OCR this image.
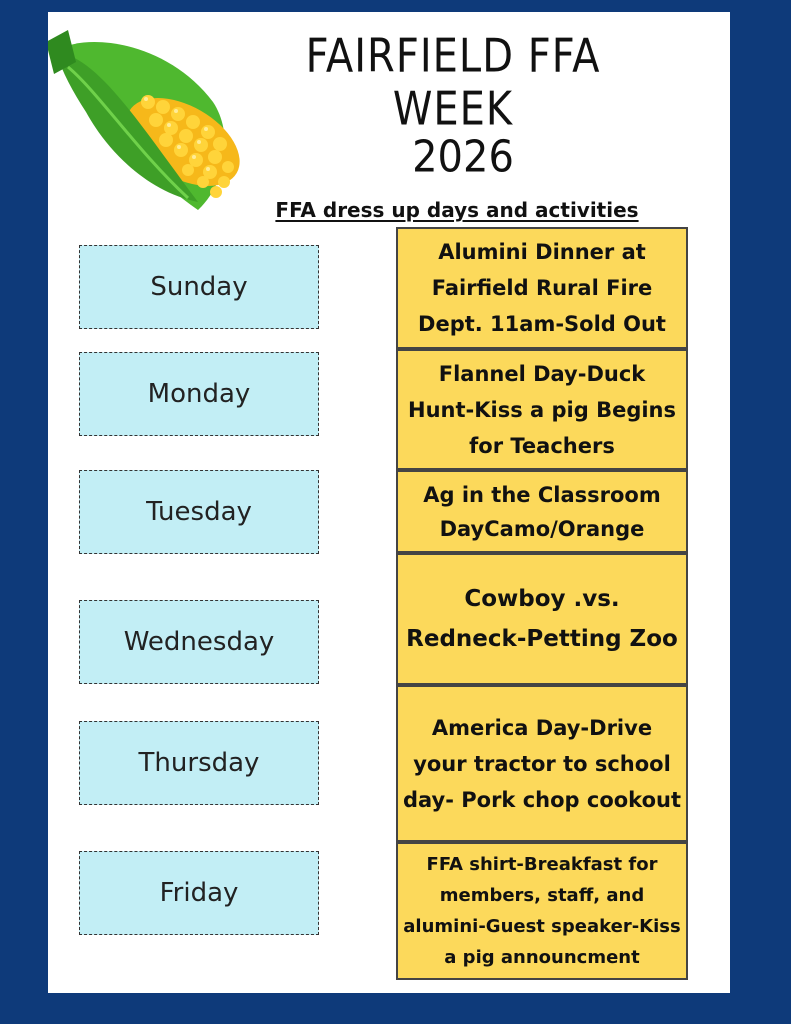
FAIRFIELD FFA WEEK
2026
FFA dress up days and activities
Sunday
Monday
Tuesday
Wednesday
Thursday
Friday
Alumini Dinner at Fairfield Rural Fire Dept. 11am-Sold Out
Flannel Day-Duck Hunt-Kiss a pig Begins for Teachers
Ag in the Classroom DayCamo/Orange
Cowboy .vs. Redneck-Petting Zoo
America Day-Drive your tractor to school day- Pork chop cookout
FFA shirt-Breakfast for members, staff, and alumini-Guest speaker-Kiss a pig announcment
